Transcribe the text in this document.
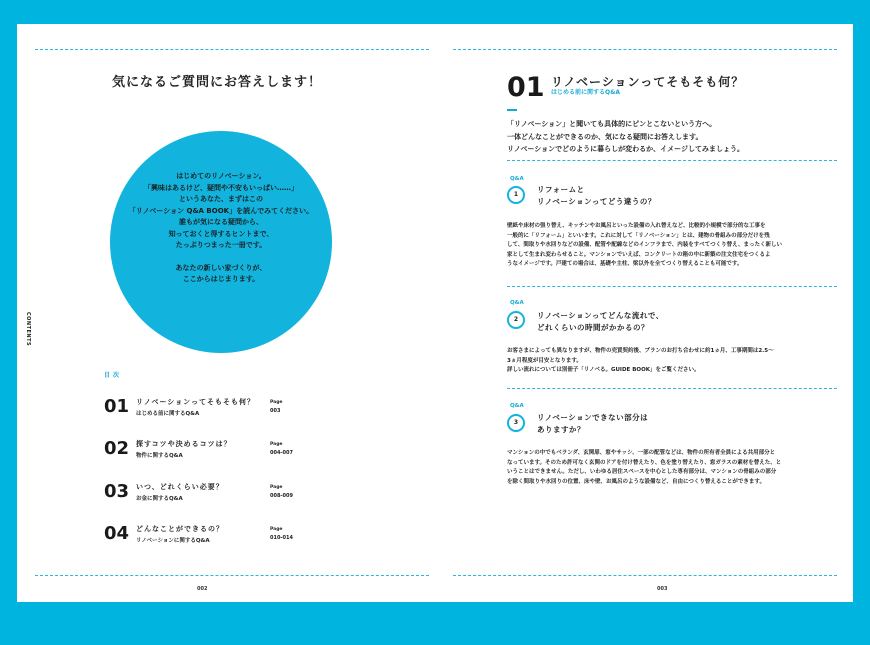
気になるご質問にお答えします！
はじめてのリノベーション。
「興味はあるけど、疑問や不安もいっぱい……」
というあなた、まずはこの
「リノベーション Q&A BOOK」を読んでみてください。
誰もが気になる疑問から、
知っておくと得するヒントまで、
たっぷりつまった一冊です。
あなたの新しい家づくりが、
ここからはじまります。
CONTENTS
目次
01 リノベーションってそもそも何？
はじめる前に関するQ&A
Page
003
02 探すコツや決めるコツは？
物件に関するQ&A
Page
004-007
03 いつ、どれくらい必要？
お金に関するQ&A
Page
008-009
04 どんなことができるの？
リノベーションに関するQ&A
Page
010-014
002
01 リノベーションってそもそも何？
はじめる前に関するQ&A
「リノベーション」と聞いても具体的にピンとこないという方へ。
一体どんなことができるのか、気になる疑問にお答えします。
リノベーションでどのように暮らしが変わるか、イメージしてみましょう。
Q&A
1
リフォームと
リノベーションってどう違うの？
壁紙や床材の張り替え、キッチンやお風呂といった設備の入れ替えなど、比較的小規模で部分的な工事を
一般的に「リフォーム」といいます。これに対して「リノベーション」とは、建物の骨組みの部分だけを残
して、間取りや水回りなどの設備、配管や配線などのインフラまで、内装をすべてつくり替え、まったく新しい
家として生まれ変わらせること。マンションでいえば、コンクリートの箱の中に新築の注文住宅をつくるよ
うなイメージです。戸建ての場合は、基礎や主柱、梁以外を全てつくり替えることも可能です。
Q&A
2	リノベーションってどんな流れで、
どれくらいの時間がかかるの？
お客さまによっても異なりますが、物件の売買契約後、プランのお打ち合わせに約1ヵ月、工事期間は2.5〜
3ヵ月程度が目安となります。
詳しい流れについては別冊子「リノベる。GUIDE BOOK」をご覧ください。
Q&A
3
リノベーションできない部分は
ありますか？
マンションの中でもベランダ、玄関扉、窓やサッシ、一部の配管などは、物件の所有者全員による共用部分と
なっています。そのため許可なく玄関のドアを付け替えたり、色を塗り替えたり、窓ガラスの素材を替えた、と
いうことはできません。ただし、いわゆる居住スペースを中心とした専有部分は、マンションの骨組みの部分
を除く間取りや水回りの位置、床や壁、お風呂のような設備など、自由につくり替えることができます。
003
